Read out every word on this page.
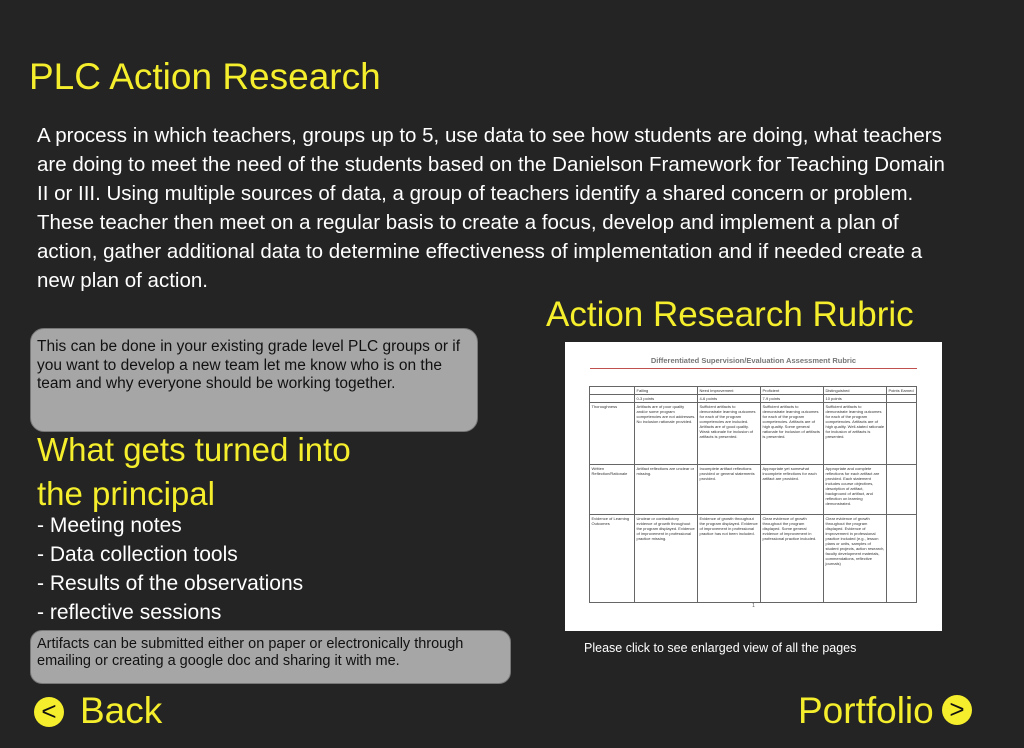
PLC Action Research
A process in which teachers, groups up to 5, use data to see how students are doing, what teachers are doing to meet the need of the students based on the Danielson Framework for Teaching Domain II or III. Using multiple sources of data, a group of teachers identify a shared concern or problem. These teacher then meet on a regular basis to create a focus, develop and implement a plan of action, gather additional data to determine effectiveness of implementation and if needed create a new plan of action.
This can be done in your existing grade level PLC groups or if you want to develop a new team let me know who is on the team and why everyone should be working together.
What gets turned into the principal
- Meeting notes
- Data collection tools
- Results of the observations
- reflective sessions
Artifacts can be submitted either on paper or electronically through emailing or creating a google doc and sharing it with me.
Action Research Rubric
Differentiated Supervision/Evaluation Assessment Rubric
	Failing	Need Improvement	Proficient	Distinguished	Points Earned
	0-3 points	4-6 points	7-9 points	10 points	
Thoroughness	Artifacts are of poor quality and/or some program competencies are not addresses. No inclusion rationale provided.	Sufficient artifacts to demonstrate learning outcomes for each of the program competencies are included. Artifacts are of good quality. Weak rationale for inclusion of artifacts is presented.	Sufficient artifacts to demonstrate learning outcomes for each of the program competencies. Artifacts are of high quality. Some general rationale for inclusion of artifacts is presented.	Sufficient artifacts to demonstrate learning outcomes for each of the program competencies. Artifacts are of high quality. Well-stated rationale for inclusion of artifacts is presented.	
Written Reflection/Rationale	Artifact reflections are unclear or missing.	Incomplete artifact reflections provided or general statements provided.	Appropriate yet somewhat incomplete reflections for each artifact are provided.	Appropriate and complete reflections for each artifact are provided. Each statement includes course objectives, description of artifact, background of artifact, and reflection on learning demonstrated.	
Evidence of Learning Outcomes	Unclear or contradictory evidence of growth throughout the program displayed. Evidence of improvement in professional practice missing.	Evidence of growth throughout the program displayed. Evidence of improvement in professional practice has not been included.	Clear evidence of growth throughout the program displayed. Some general evidence of improvement in professional practice included.	Clear evidence of growth throughout the program displayed. Evidence of improvement in professional practice included (e.g., lesson plans or units, samples of student projects, action research, faculty development materials, commendations, reflective journals)	
1
Please click to see enlarged view of all the pages
< Back	Portfolio >
